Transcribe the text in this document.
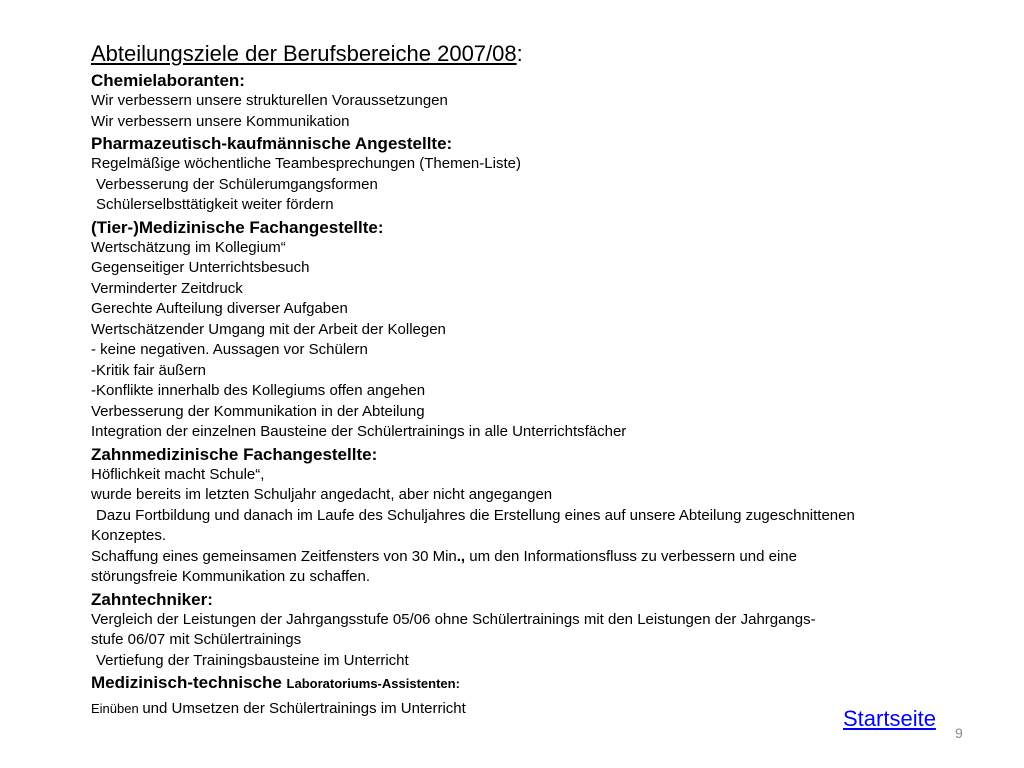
Abteilungsziele der Berufsbereiche 2007/08:
Chemielaboranten:
Wir verbessern unsere strukturellen Voraussetzungen
Wir verbessern unsere Kommunikation
Pharmazeutisch-kaufmännische Angestellte:
Regelmäßige wöchentliche Teambesprechungen (Themen-Liste)
Verbesserung der Schülerumgangsformen
Schülerselbsttätigkeit weiter fördern
(Tier-)Medizinische Fachangestellte:
Wertschätzung im Kollegium“
Gegenseitiger Unterrichtsbesuch
Verminderter Zeitdruck
Gerechte Aufteilung diverser Aufgaben
Wertschätzender Umgang mit der Arbeit der Kollegen
- keine negativen. Aussagen vor Schülern
-Kritik fair äußern
-Konflikte innerhalb des Kollegiums offen angehen
Verbesserung der Kommunikation in der Abteilung
Integration der einzelnen Bausteine der Schülertrainings in alle Unterrichtsfächer
Zahnmedizinische Fachangestellte:
Höflichkeit macht Schule“,
wurde bereits im letzten Schuljahr angedacht, aber nicht angegangen
Dazu Fortbildung und danach im Laufe des Schuljahres die Erstellung eines auf unsere Abteilung zugeschnittenen
Konzeptes.
Schaffung eines gemeinsamen Zeitfensters von 30 Min., um den Informationsfluss zu verbessern und eine
störungsfreie Kommunikation zu schaffen.
Zahntechniker:
Vergleich der Leistungen der Jahrgangsstufe 05/06 ohne Schülertrainings mit den Leistungen der Jahrgangs-
stufe 06/07 mit Schülertrainings
Vertiefung der Trainingsbausteine im Unterricht
Medizinisch-technische Laboratoriums-Assistenten:
Einüben und Umsetzen der Schülertrainings im Unterricht	Startseite
9
